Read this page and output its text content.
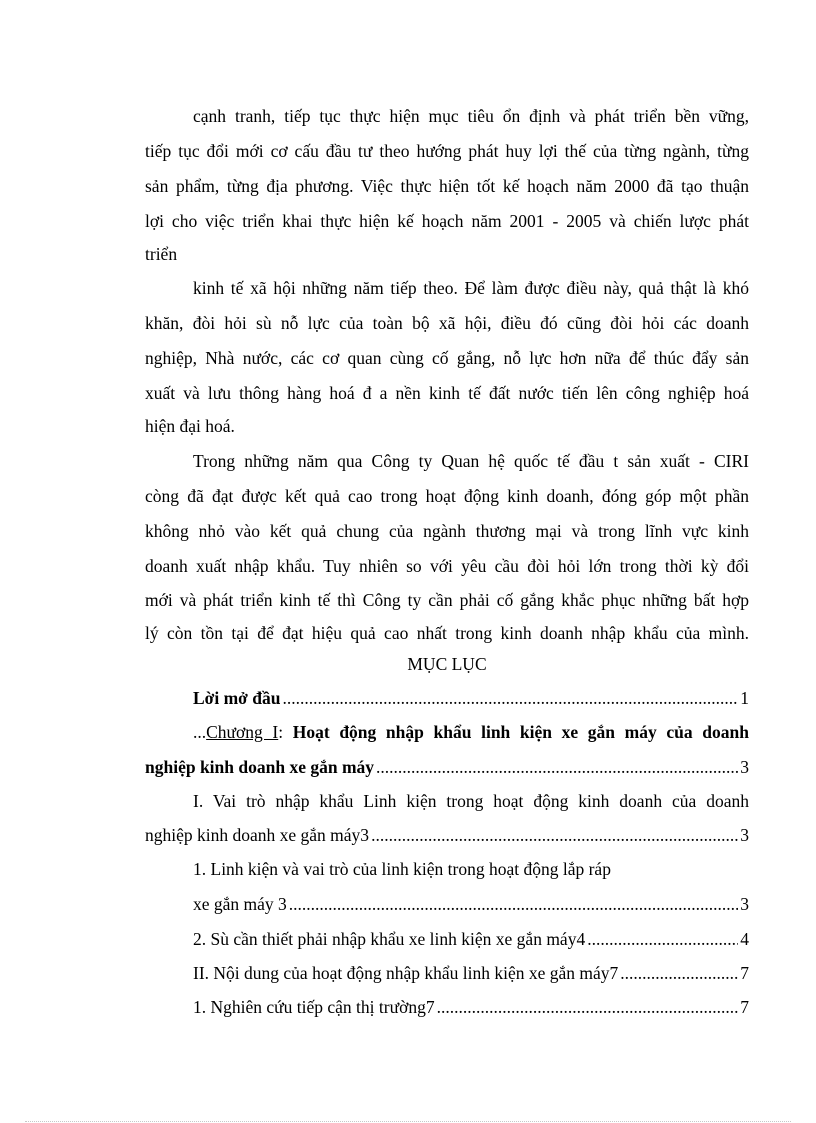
cạnh tranh, tiếp tục thực hiện mục tiêu ổn định và phát triển bền vững,
tiếp tục đổi mới cơ cấu đầu tư theo hướng phát huy lợi thế của từng ngành, từng
sản phẩm, từng địa phương. Việc thực hiện tốt kế hoạch năm 2000 đã tạo thuận
lợi cho việc triển khai thực hiện kế hoạch năm 2001 - 2005 và chiến lược phát
triển
kinh tế xã hội những năm tiếp theo. Để làm được điều này, quả thật là khó
khăn, đòi hỏi sù nỗ lực của toàn bộ xã hội, điều đó cũng đòi hỏi các doanh
nghiệp, Nhà nước, các cơ quan cùng cố gắng, nỗ lực hơn nữa để thúc đẩy sản
xuất và lưu thông hàng hoá đ a nền kinh tế đất nước tiến lên công nghiệp hoá
hiện đại hoá.
Trong những năm qua Công ty Quan hệ quốc tế đầu t sản xuất - CIRI
còng đã đạt được kết quả cao trong hoạt động kinh doanh, đóng góp một phần
không nhỏ vào kết quả chung của ngành thương mại và trong lĩnh vực kinh
doanh xuất nhập khẩu. Tuy nhiên so với yêu cầu đòi hỏi lớn trong thời kỳ đổi
mới và phát triển kinh tế thì Công ty cần phải cố gắng khắc phục những bất hợp
lý còn tồn tại để đạt hiệu quả cao nhất trong kinh doanh nhập khẩu của mình.
MỤC LỤC
Lời mở đầu .....	1
...Chương I: Hoạt động nhập khẩu linh kiện xe gắn máy của doanh
nghiệp kinh doanh xe gắn máy .....	3
I. Vai trò nhập khẩu Linh kiện trong hoạt động kinh doanh của doanh
nghiệp kinh doanh xe gắn máy3 .....	3
1. Linh kiện và vai trò của linh kiện trong hoạt động lắp ráp
xe gắn máy 3 .....	3
2. Sù cần thiết phải nhập khẩu xe linh kiện xe gắn máy4 .....	4
II. Nội dung của hoạt động nhập khẩu linh kiện xe gắn máy7 .....	7
1. Nghiên cứu tiếp cận thị trường7 .....	7
